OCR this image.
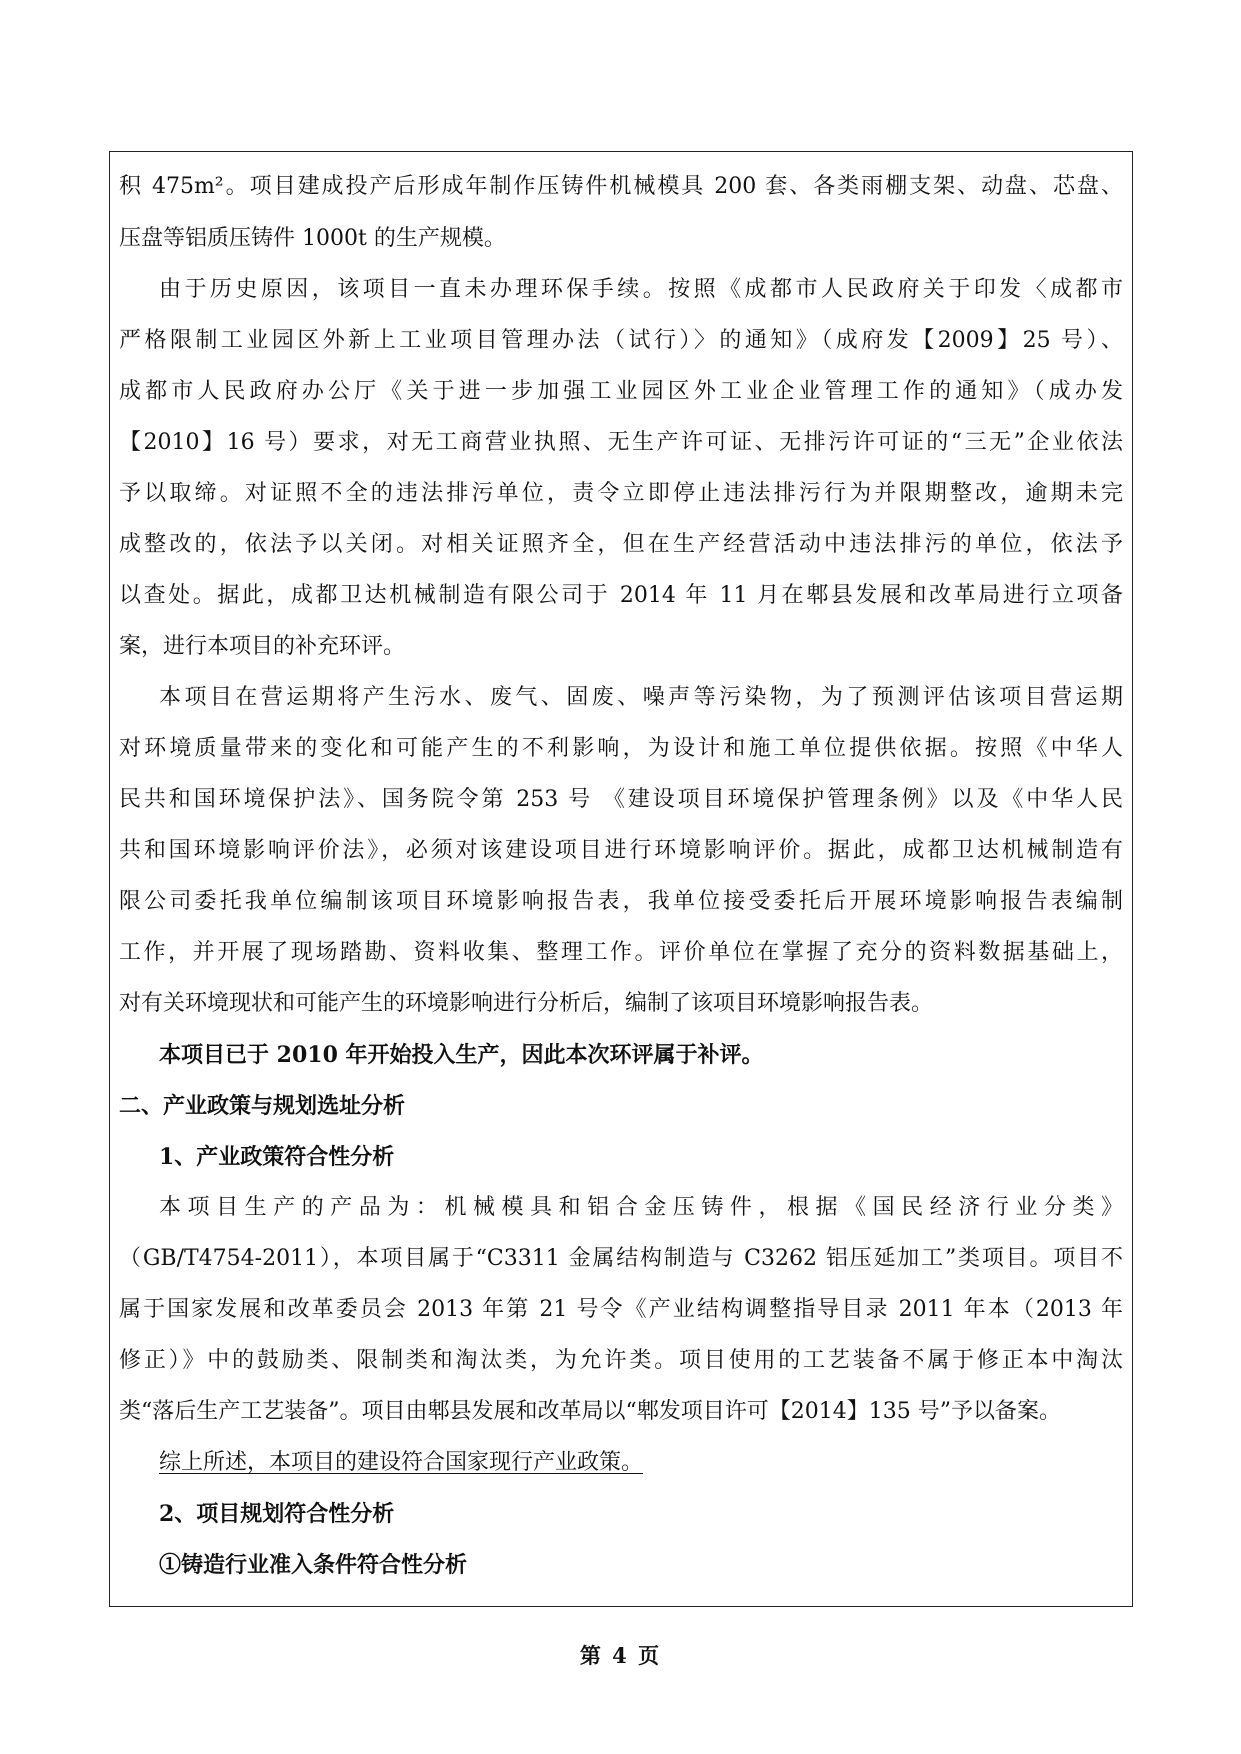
积 475m²。项目建成投产后形成年制作压铸件机械模具 200 套、各类雨棚支架、动盘、芯盘、
压盘等铝质压铸件 1000t 的生产规模。
由于历史原因，该项目一直未办理环保手续。按照《成都市人民政府关于印发〈成都市
严格限制工业园区外新上工业项目管理办法（试行）〉的通知》（成府发【2009】25 号）、
成都市人民政府办公厅《关于进一步加强工业园区外工业企业管理工作的通知》（成办发
【2010】16 号）要求，对无工商营业执照、无生产许可证、无排污许可证的“三无”企业依法
予以取缔。对证照不全的违法排污单位，责令立即停止违法排污行为并限期整改，逾期未完
成整改的，依法予以关闭。对相关证照齐全，但在生产经营活动中违法排污的单位，依法予
以查处。据此，成都卫达机械制造有限公司于 2014 年 11 月在郫县发展和改革局进行立项备
案，进行本项目的补充环评。
本项目在营运期将产生污水、废气、固废、噪声等污染物，为了预测评估该项目营运期
对环境质量带来的变化和可能产生的不利影响，为设计和施工单位提供依据。按照《中华人
民共和国环境保护法》、国务院令第 253 号 《建设项目环境保护管理条例》以及《中华人民
共和国环境影响评价法》，必须对该建设项目进行环境影响评价。据此，成都卫达机械制造有
限公司委托我单位编制该项目环境影响报告表，我单位接受委托后开展环境影响报告表编制
工作，并开展了现场踏勘、资料收集、整理工作。评价单位在掌握了充分的资料数据基础上，
对有关环境现状和可能产生的环境影响进行分析后，编制了该项目环境影响报告表。
本项目已于 2010 年开始投入生产，因此本次环评属于补评。
二、产业政策与规划选址分析
1、产业政策符合性分析
本项目生产的产品为：机械模具和铝合金压铸件，根据《国民经济行业分类》
（GB/T4754-2011），本项目属于“C3311 金属结构制造与 C3262 铝压延加工”类项目。项目不
属于国家发展和改革委员会 2013 年第 21 号令《产业结构调整指导目录 2011 年本（2013 年
修正）》中的鼓励类、限制类和淘汰类，为允许类。项目使用的工艺装备不属于修正本中淘汰
类“落后生产工艺装备”。项目由郫县发展和改革局以“郫发项目许可【2014】135 号”予以备案。
综上所述，本项目的建设符合国家现行产业政策。
2、项目规划符合性分析
①铸造行业准入条件符合性分析
第 4 页
